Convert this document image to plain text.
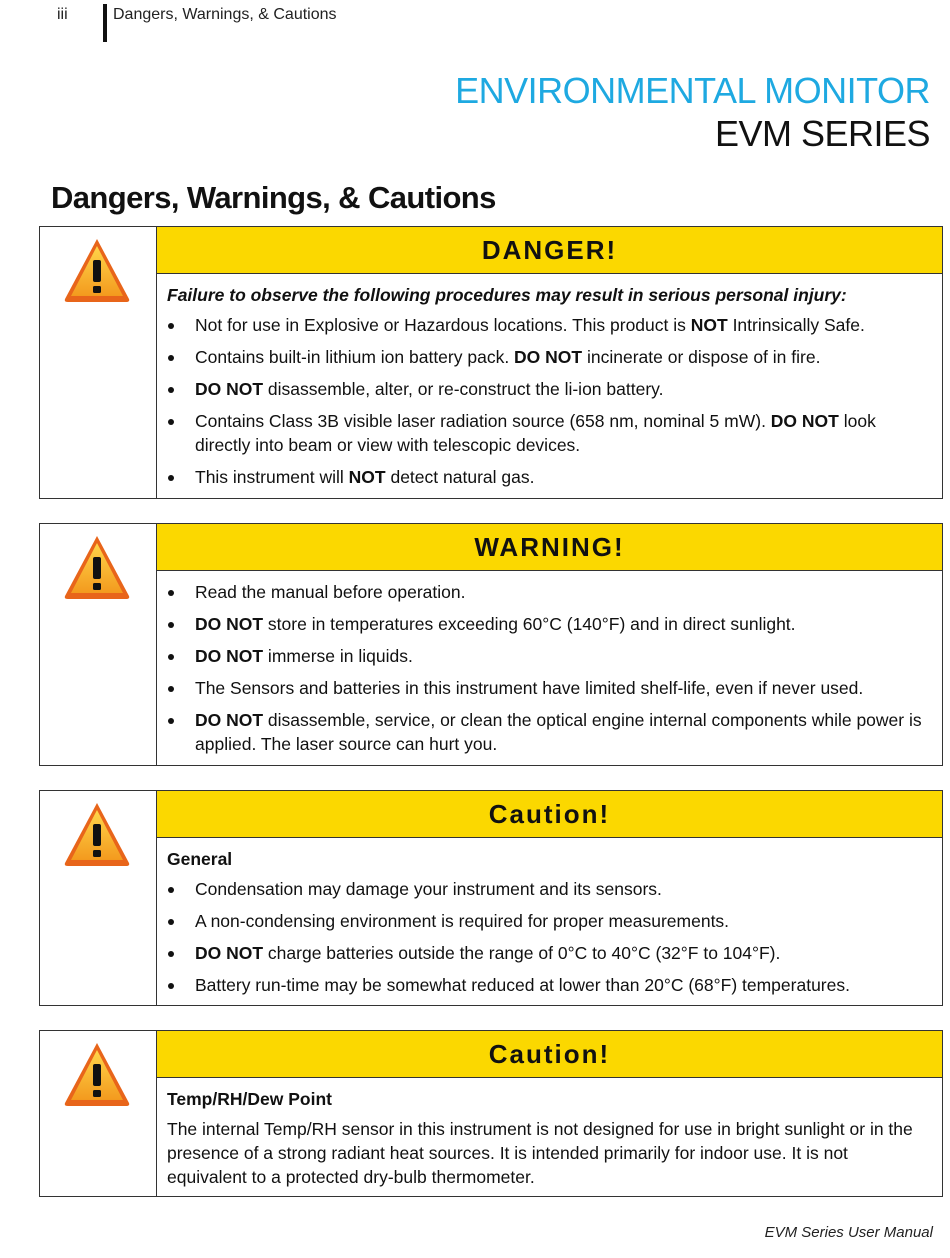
iii	Dangers, Warnings, & Cautions
ENVIRONMENTAL MONITOR
EVM SERIES
Dangers, Warnings, & Cautions
DANGER!
Failure to observe the following procedures may result in serious personal injury:
Not for use in Explosive or Hazardous locations. This product is NOT Intrinsically Safe.
Contains built-in lithium ion battery pack. DO NOT incinerate or dispose of in fire.
DO NOT disassemble, alter, or re-construct the li-ion battery.
Contains Class 3B visible laser radiation source (658 nm, nominal 5 mW). DO NOT look directly into beam or view with telescopic devices.
This instrument will NOT detect natural gas.
WARNING!
Read the manual before operation.
DO NOT store in temperatures exceeding 60°C (140°F) and in direct sunlight.
DO NOT immerse in liquids.
The Sensors and batteries in this instrument have limited shelf-life, even if never used.
DO NOT disassemble, service, or clean the optical engine internal components while power is applied. The laser source can hurt you.
Caution!
General
Condensation may damage your instrument and its sensors.
A non-condensing environment is required for proper measurements.
DO NOT charge batteries outside the range of 0°C to 40°C (32°F to 104°F).
Battery run-time may be somewhat reduced at lower than 20°C (68°F) temperatures.
Caution!
Temp/RH/Dew Point

The internal Temp/RH sensor in this instrument is not designed for use in bright sunlight or in the presence of a strong radiant heat sources. It is intended primarily for indoor use. It is not equivalent to a protected dry-bulb thermometer.

EVM Series User Manual
